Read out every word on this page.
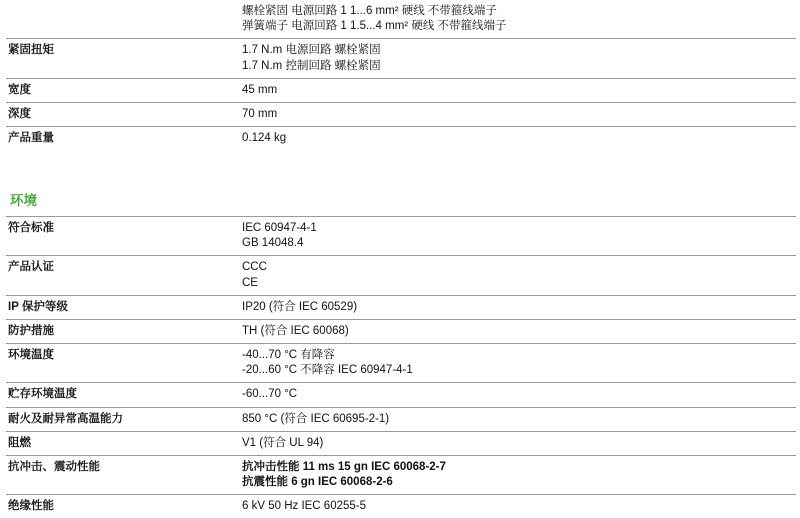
	螺栓紧固 电源回路 1 1...6 mm² 硬线 不带箍线端子
弹簧端子 电源回路 1 1.5...4 mm² 硬线 不带箍线端子

紧固扭矩	1.7 N.m 电源回路 螺栓紧固
1.7 N.m 控制回路 螺栓紧固

宽度	45 mm

深度	70 mm

产品重量	0.124 kg

环境	

符合标准	IEC 60947-4-1
GB 14048.4

产品认证	CCC
CE

IP 保护等级	IP20 (符合 IEC 60529)

防护措施	TH (符合 IEC 60068)

环境温度	-40...70 °C 有降容
-20...60 °C 不降容 IEC 60947-4-1

贮存环境温度	-60...70 °C

耐火及耐异常高温能力	850 °C (符合 IEC 60695-2-1)

阻燃	V1 (符合 UL 94)

抗冲击、震动性能	抗冲击性能 11 ms 15 gn IEC 60068-2-7
抗震性能 6 gn IEC 60068-2-6

绝缘性能	6 kV 50 Hz IEC 60255-5
